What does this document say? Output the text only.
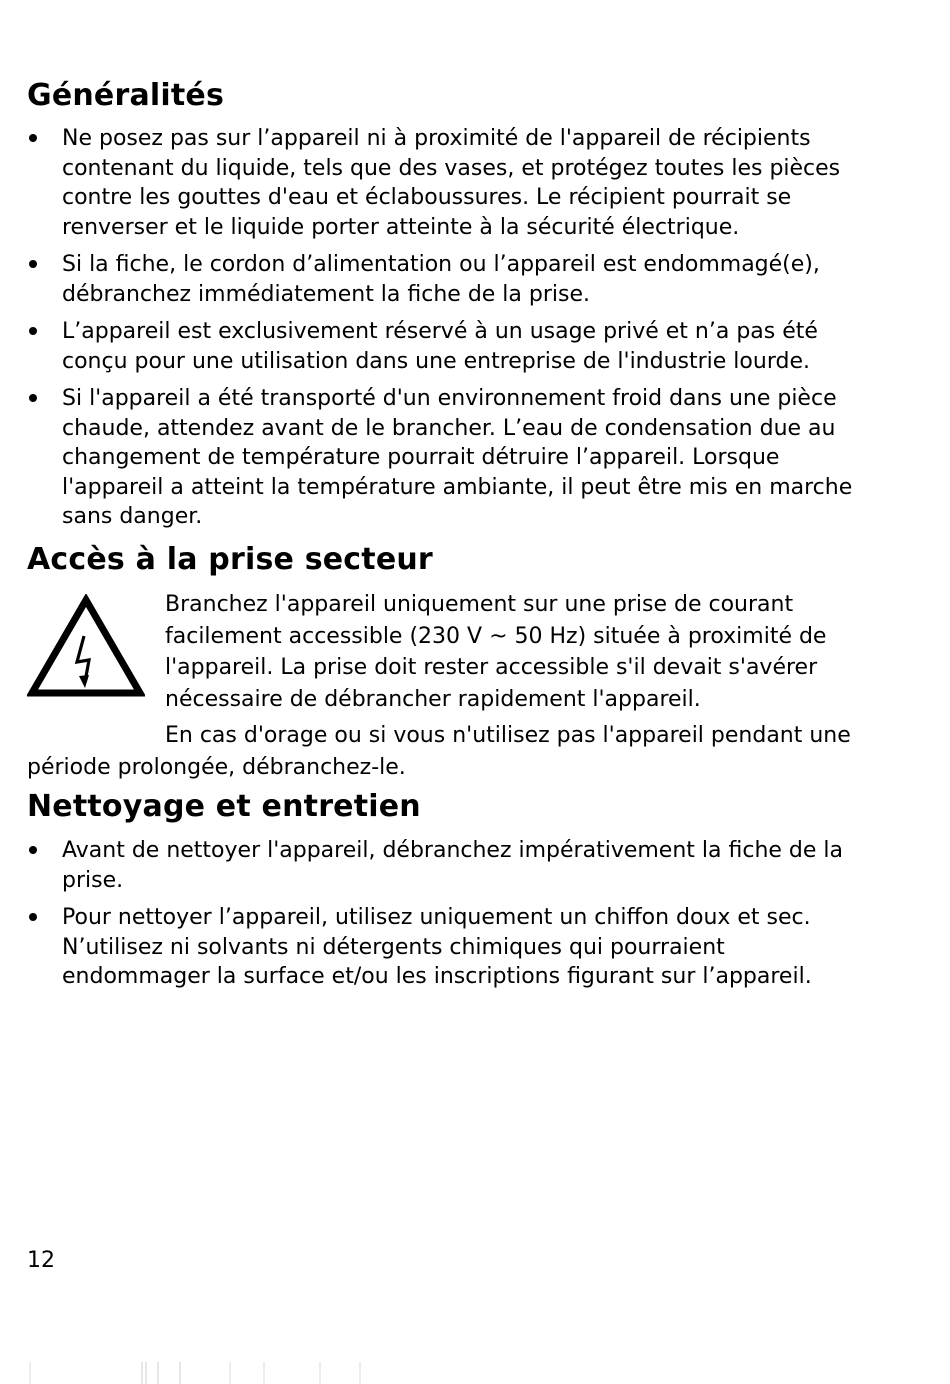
Généralités
Ne posez pas sur l’appareil ni à proximité de l'appareil de récipients contenant du liquide, tels que des vases, et protégez toutes les pièces contre les gouttes d'eau et éclaboussures. Le récipient pourrait se renverser et le liquide porter atteinte à la sécurité électrique.
Si la fiche, le cordon d’alimentation ou l’appareil est endommagé(e), débranchez immédiatement la fiche de la prise.
L’appareil est exclusivement réservé à un usage privé et n’a pas été conçu pour une utilisation dans une entreprise de l'industrie lourde.
Si l'appareil a été transporté d'un environnement froid dans une pièce chaude, attendez avant de le brancher. L’eau de condensation due au changement de température pourrait détruire l’appareil. Lorsque l'appareil a atteint la température ambiante, il peut être mis en marche sans danger.
Accès à la prise secteur

Branchez l'appareil uniquement sur une prise de courant facilement accessible (230 V ~ 50 Hz) située à proximité de l'appareil. La prise doit rester accessible s'il devait s'avérer nécessaire de débrancher rapidement l'appareil.

En cas d'orage ou si vous n'utilisez pas l'appareil pendant une période prolongée, débranchez-le.

Nettoyage et entretien
Avant de nettoyer l'appareil, débranchez impérativement la fiche de la prise.
Pour nettoyer l’appareil, utilisez uniquement un chiffon doux et sec. N’utilisez ni solvants ni détergents chimiques qui pourraient endommager la surface et/ou les inscriptions figurant sur l’appareil.

12
